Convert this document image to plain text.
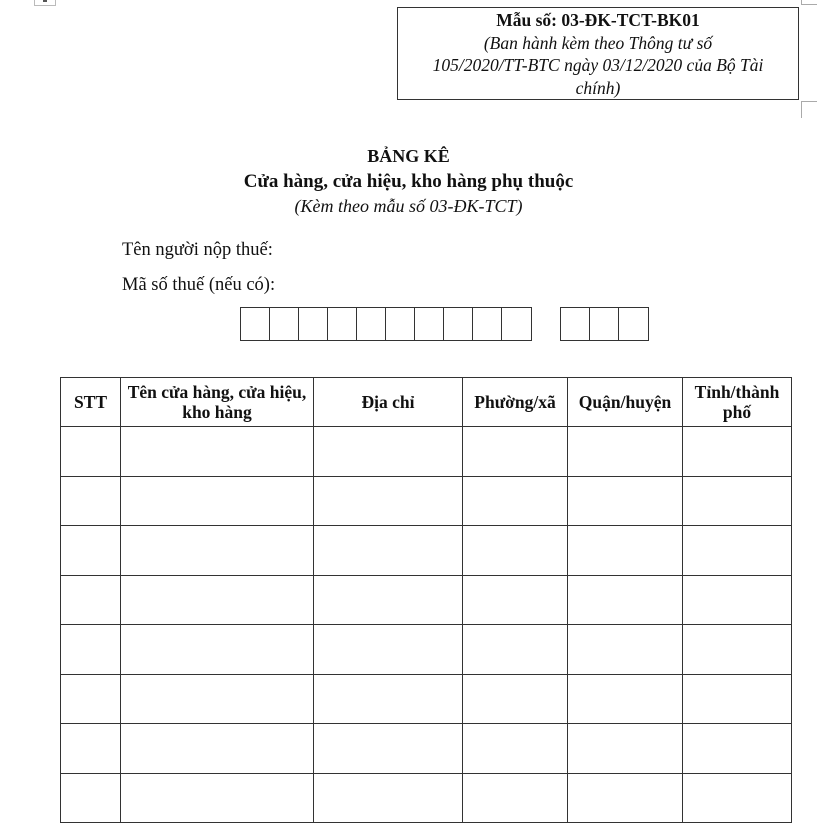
Mẫu số: 03-ĐK-TCT-BK01
(Ban hành kèm theo Thông tư số
105/2020/TT-BTC ngày 03/12/2020 của Bộ Tài
chính)
BẢNG KÊ
Cửa hàng, cửa hiệu, kho hàng phụ thuộc
(Kèm theo mẫu số 03-ĐK-TCT)
Tên người nộp thuế:
Mã số thuế (nếu có):
STT	Tên cửa hàng, cửa hiệu, kho hàng	Địa chỉ	Phường/xã	Quận/huyện	Tỉnh/thành phố
